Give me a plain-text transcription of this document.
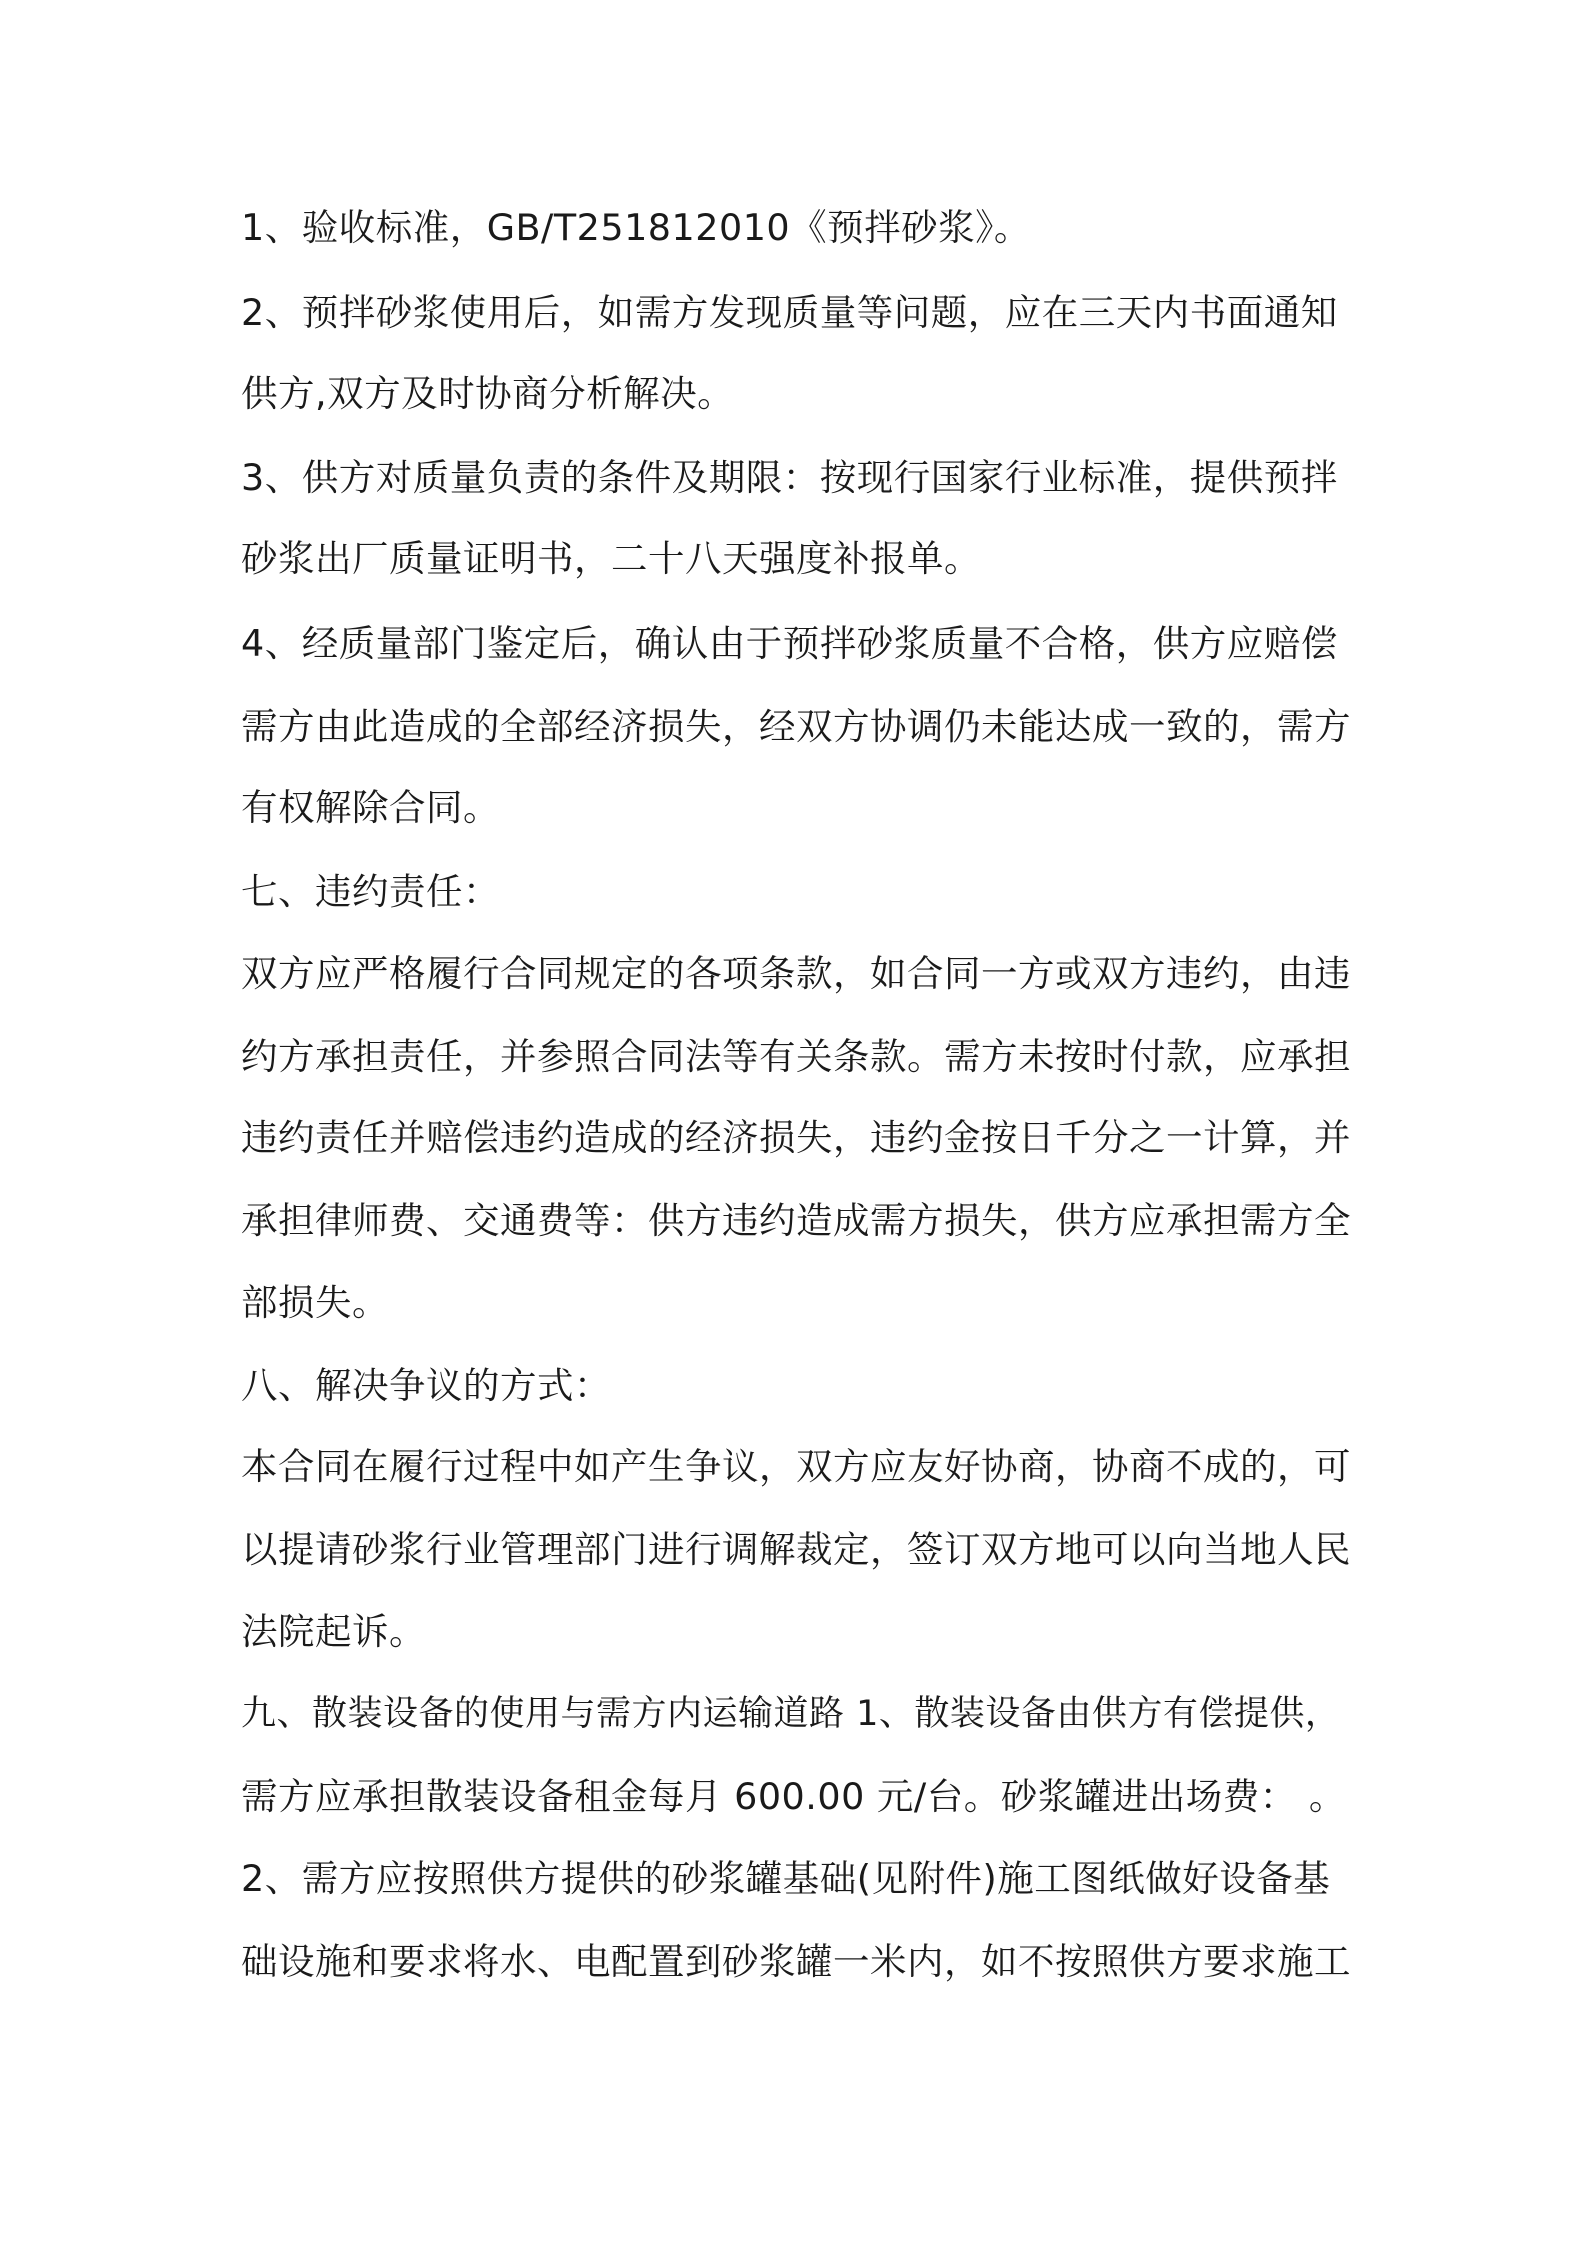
1、验收标准，GB/T251812010《预拌砂浆》。

2、预拌砂浆使用后，如需方发现质量等问题，应在三天内书面通知

供方,双方及时协商分析解决。

3、供方对质量负责的条件及期限：按现行国家行业标准，提供预拌

砂浆出厂质量证明书，二十八天强度补报单。

4、经质量部门鉴定后，确认由于预拌砂浆质量不合格，供方应赔偿

需方由此造成的全部经济损失，经双方协调仍未能达成一致的，需方

有权解除合同。

七、违约责任：

双方应严格履行合同规定的各项条款，如合同一方或双方违约，由违

约方承担责任，并参照合同法等有关条款。需方未按时付款，应承担

违约责任并赔偿违约造成的经济损失，违约金按日千分之一计算，并

承担律师费、交通费等：供方违约造成需方损失，供方应承担需方全

部损失。

八、解决争议的方式：

本合同在履行过程中如产生争议，双方应友好协商，协商不成的，可

以提请砂浆行业管理部门进行调解裁定，签订双方地可以向当地人民

法院起诉。

九、散装设备的使用与需方内运输道路 1、散装设备由供方有偿提供，

需方应承担散装设备租金每月 600.00 元/台。砂浆罐进出场费： 。

2、需方应按照供方提供的砂浆罐基础(见附件)施工图纸做好设备基

础设施和要求将水、电配置到砂浆罐一米内，如不按照供方要求施工
